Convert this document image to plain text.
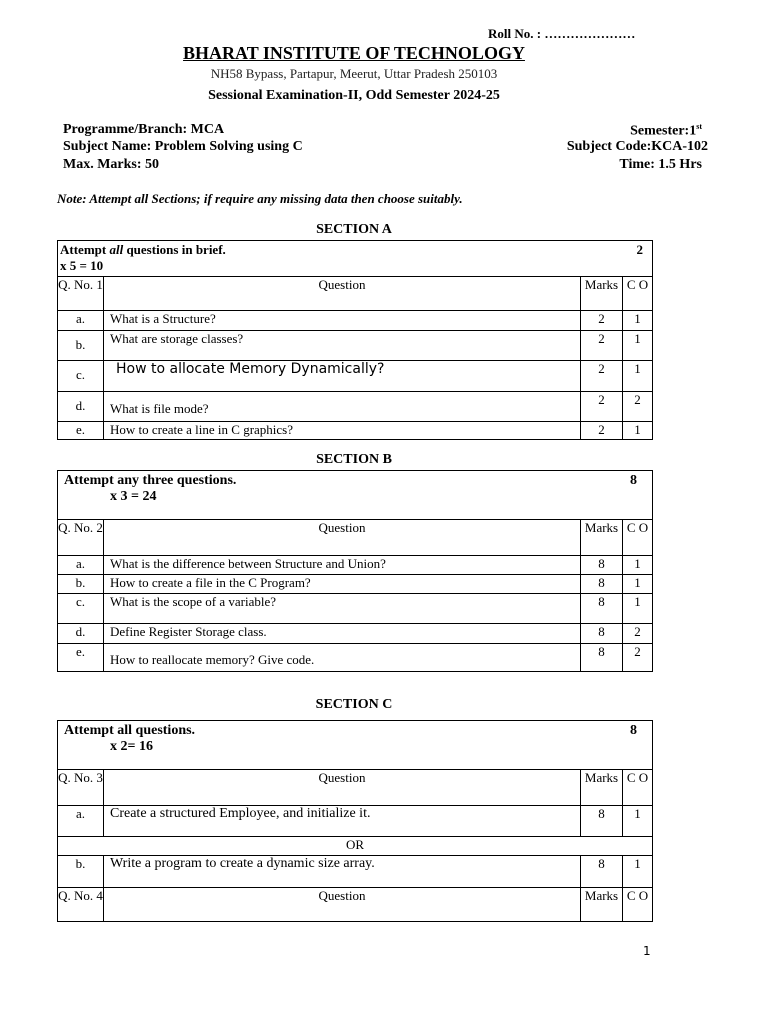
Roll No. : …………………
BHARAT INSTITUTE OF TECHNOLOGY
NH58 Bypass, Partapur, Meerut, Uttar Pradesh 250103
Sessional Examination-II, Odd Semester 2024-25
Programme/Branch: MCA	Semester:1st
Subject Name: Problem Solving using C	Subject Code:KCA-102
Max. Marks: 50	Time: 1.5 Hrs
Note: Attempt all Sections; if require any missing data then choose suitably.
SECTION A
Attempt all questions in brief. 2

x 5 = 10			
Q. No. 1	Question	Marks	C O
a.	What is a Structure?	2	1
b.	What are storage classes?	2	1
c.	How to allocate Memory Dynamically?	2	1
d.	What is file mode?	2	2
e.	How to create a line in C graphics?	2	1
SECTION B
Attempt any three questions. 8

x 3 = 24			
Q. No. 2	Question	Marks	C O
a.	What is the difference between Structure and Union?	8	1
b.	How to create a file in the C Program?	8	1
c.	What is the scope of a variable?	8	1
d.	Define Register Storage class.	8	2
e.	How to reallocate memory? Give code.	8	2
SECTION C
Attempt all questions. 8

x 2= 16			
Q. No. 3	Question	Marks	C O
a.	Create a structured Employee, and initialize it.	8	1
OR			
b.	Write a program to create a dynamic size array.	8	1
Q. No. 4	Question	Marks	C O
1
